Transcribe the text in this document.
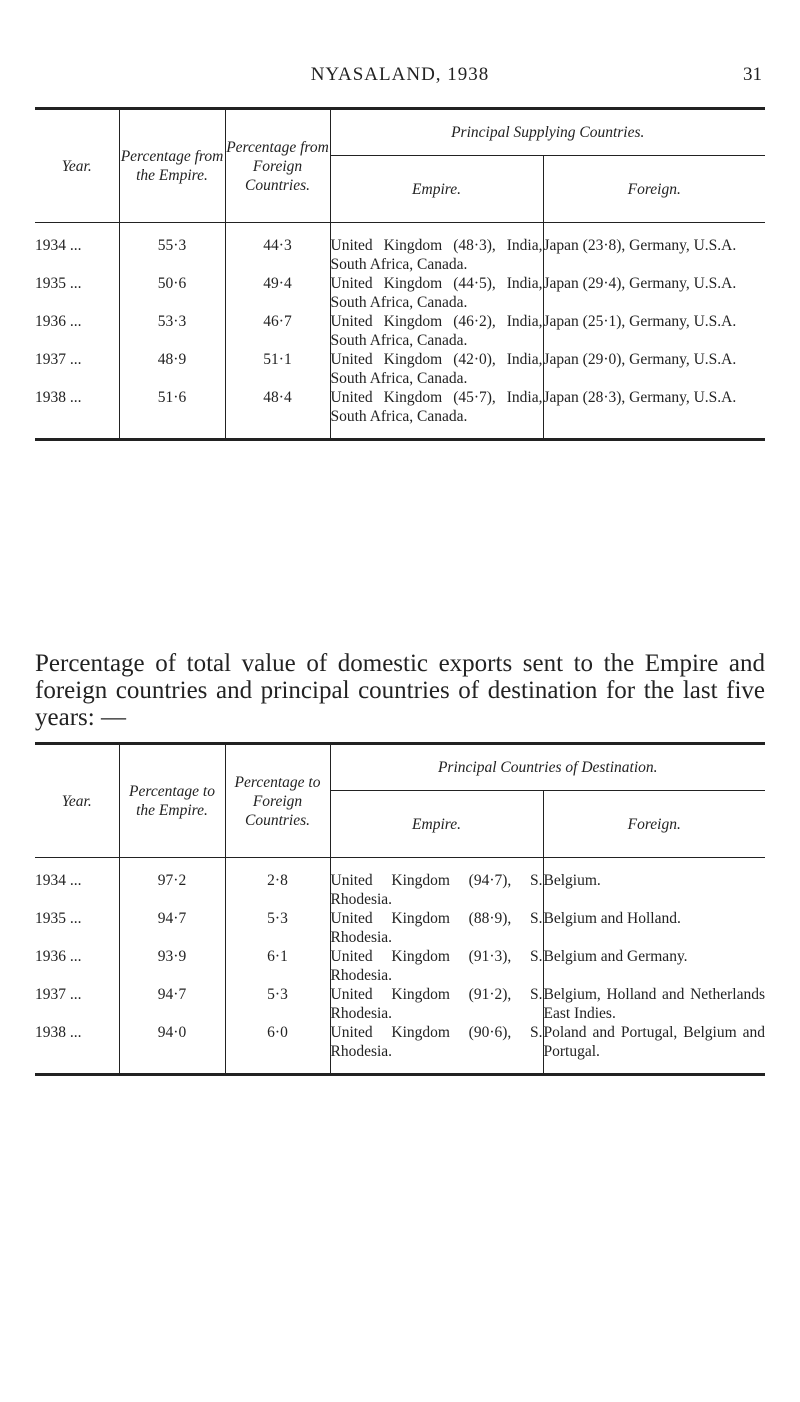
NYASALAND, 1938	31
Year.	Percentage from the Empire.	Percentage from Foreign Countries.	Principal Supplying Countries.	
			Empire.	Foreign.

1934 ...	55·3	44·3	United Kingdom (48·3), India, South Africa, Canada.	Japan (23·8), Germany, U.S.A.
1935 ...	50·6	49·4	United Kingdom (44·5), India, South Africa, Canada.	Japan (29·4), Germany, U.S.A.
1936 ...	53·3	46·7	United Kingdom (46·2), India, South Africa, Canada.	Japan (25·1), Germany, U.S.A.
1937 ...	48·9	51·1	United Kingdom (42·0), India, South Africa, Canada.	Japan (29·0), Germany, U.S.A.
1938 ...	51·6	48·4	United Kingdom (45·7), India, South Africa, Canada.	Japan (28·3), Germany, U.S.A.

Percentage of total value of domestic exports sent to the Empire and foreign countries and principal countries of destination for the last five years: —
Year.	Percentage to the Empire.	Percentage to Foreign Countries.	Principal Countries of Destination.	
			Empire.	Foreign.

1934 ...	97·2	2·8	United Kingdom (94·7), S. Rhodesia.	Belgium.
1935 ...	94·7	5·3	United Kingdom (88·9), S. Rhodesia.	Belgium and Holland.
1936 ...	93·9	6·1	United Kingdom (91·3), S. Rhodesia.	Belgium and Germany.
1937 ...	94·7	5·3	United Kingdom (91·2), S. Rhodesia.	Belgium, Holland and Netherlands East Indies.
1938 ...	94·0	6·0	United Kingdom (90·6), S. Rhodesia.	Poland and Portugal, Belgium and Portugal.
